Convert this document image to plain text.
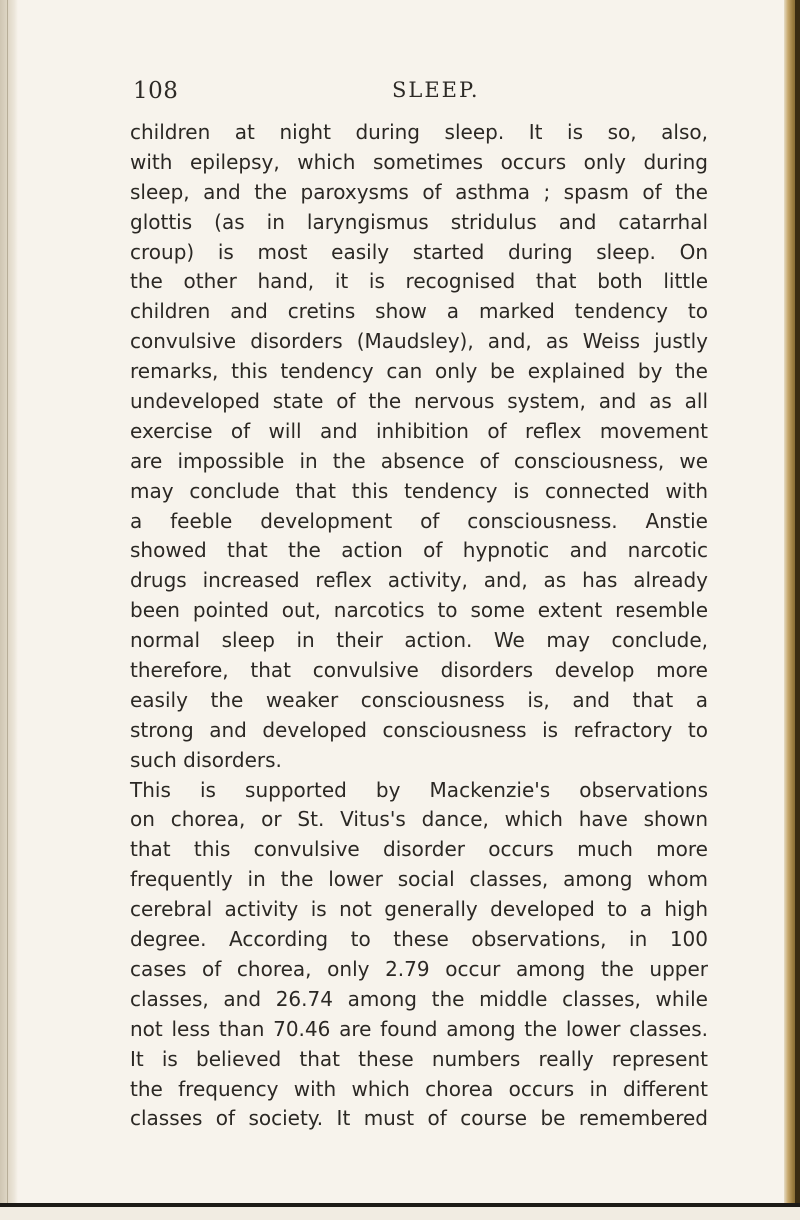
108	SLEEP.
children at night during sleep. It is so, also,
with epilepsy, which sometimes occurs only during
sleep, and the paroxysms of asthma ; spasm of the
glottis (as in laryngismus stridulus and catarrhal
croup) is most easily started during sleep. On
the other hand, it is recognised that both little
children and cretins show a marked tendency to
convulsive disorders (Maudsley), and, as Weiss justly
remarks, this tendency can only be explained by the
undeveloped state of the nervous system, and as all
exercise of will and inhibition of reflex movement
are impossible in the absence of consciousness, we
may conclude that this tendency is connected with
a feeble development of consciousness. Anstie
showed that the action of hypnotic and narcotic
drugs increased reflex activity, and, as has already
been pointed out, narcotics to some extent resemble
normal sleep in their action. We may conclude,
therefore, that convulsive disorders develop more
easily the weaker consciousness is, and that a
strong and developed consciousness is refractory to
such disorders.
This is supported by Mackenzie's observations
on chorea, or St. Vitus's dance, which have shown
that this convulsive disorder occurs much more
frequently in the lower social classes, among whom
cerebral activity is not generally developed to a high
degree. According to these observations, in 100
cases of chorea, only 2.79 occur among the upper
classes, and 26.74 among the middle classes, while
not less than 70.46 are found among the lower classes.
It is believed that these numbers really represent
the frequency with which chorea occurs in different
classes of society. It must of course be remembered
